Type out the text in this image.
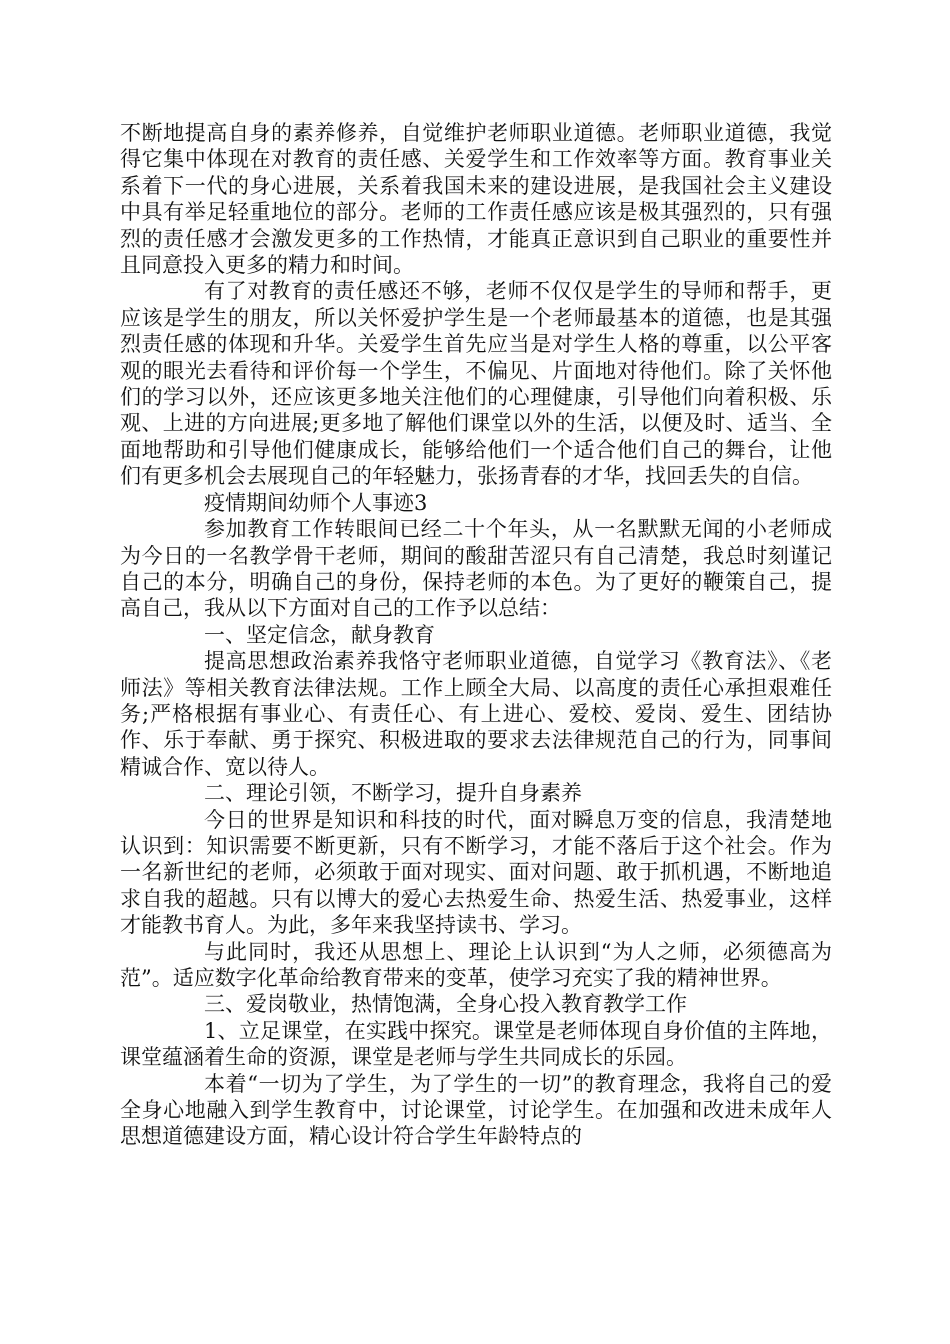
不断地提高自身的素养修养，自觉维护老师职业道德。老师职业道德，我觉得它集中体现在对教育的责任感、关爱学生和工作效率等方面。教育事业关系着下一代的身心进展，关系着我国未来的建设进展，是我国社会主义建设中具有举足轻重地位的部分。老师的工作责任感应该是极其强烈的，只有强烈的责任感才会激发更多的工作热情，才能真正意识到自己职业的重要性并且同意投入更多的精力和时间。

有了对教育的责任感还不够，老师不仅仅是学生的导师和帮手，更应该是学生的朋友，所以关怀爱护学生是一个老师最基本的道德，也是其强烈责任感的体现和升华。关爱学生首先应当是对学生人格的尊重，以公平客观的眼光去看待和评价每一个学生，不偏见、片面地对待他们。除了关怀他们的学习以外，还应该更多地关注他们的心理健康，引导他们向着积极、乐观、上进的方向进展;更多地了解他们课堂以外的生活，以便及时、适当、全面地帮助和引导他们健康成长，能够给他们一个适合他们自己的舞台，让他们有更多机会去展现自己的年轻魅力，张扬青春的才华，找回丢失的自信。

疫情期间幼师个人事迹3

参加教育工作转眼间已经二十个年头，从一名默默无闻的小老师成为今日的一名教学骨干老师，期间的酸甜苦涩只有自己清楚，我总时刻谨记自己的本分，明确自己的身份，保持老师的本色。为了更好的鞭策自己，提高自己，我从以下方面对自己的工作予以总结：

一、坚定信念，献身教育

提高思想政治素养我恪守老师职业道德，自觉学习《教育法》、《老师法》等相关教育法律法规。工作上顾全大局、以高度的责任心承担艰难任务;严格根据有事业心、有责任心、有上进心、爱校、爱岗、爱生、团结协作、乐于奉献、勇于探究、积极进取的要求去法律规范自己的行为，同事间精诚合作、宽以待人。

二、理论引领，不断学习，提升自身素养

今日的世界是知识和科技的时代，面对瞬息万变的信息，我清楚地认识到：知识需要不断更新，只有不断学习，才能不落后于这个社会。作为一名新世纪的老师，必须敢于面对现实、面对问题、敢于抓机遇，不断地追求自我的超越。只有以博大的爱心去热爱生命、热爱生活、热爱事业，这样才能教书育人。为此，多年来我坚持读书、学习。

与此同时，我还从思想上、理论上认识到“为人之师，必须德高为范”。适应数字化革命给教育带来的变革，使学习充实了我的精神世界。

三、爱岗敬业，热情饱满，全身心投入教育教学工作

1、立足课堂，在实践中探究。课堂是老师体现自身价值的主阵地，课堂蕴涵着生命的资源，课堂是老师与学生共同成长的乐园。

本着“一切为了学生，为了学生的一切”的教育理念，我将自己的爱全身心地融入到学生教育中，讨论课堂，讨论学生。在加强和改进未成年人思想道德建设方面，精心设计符合学生年龄特点的
